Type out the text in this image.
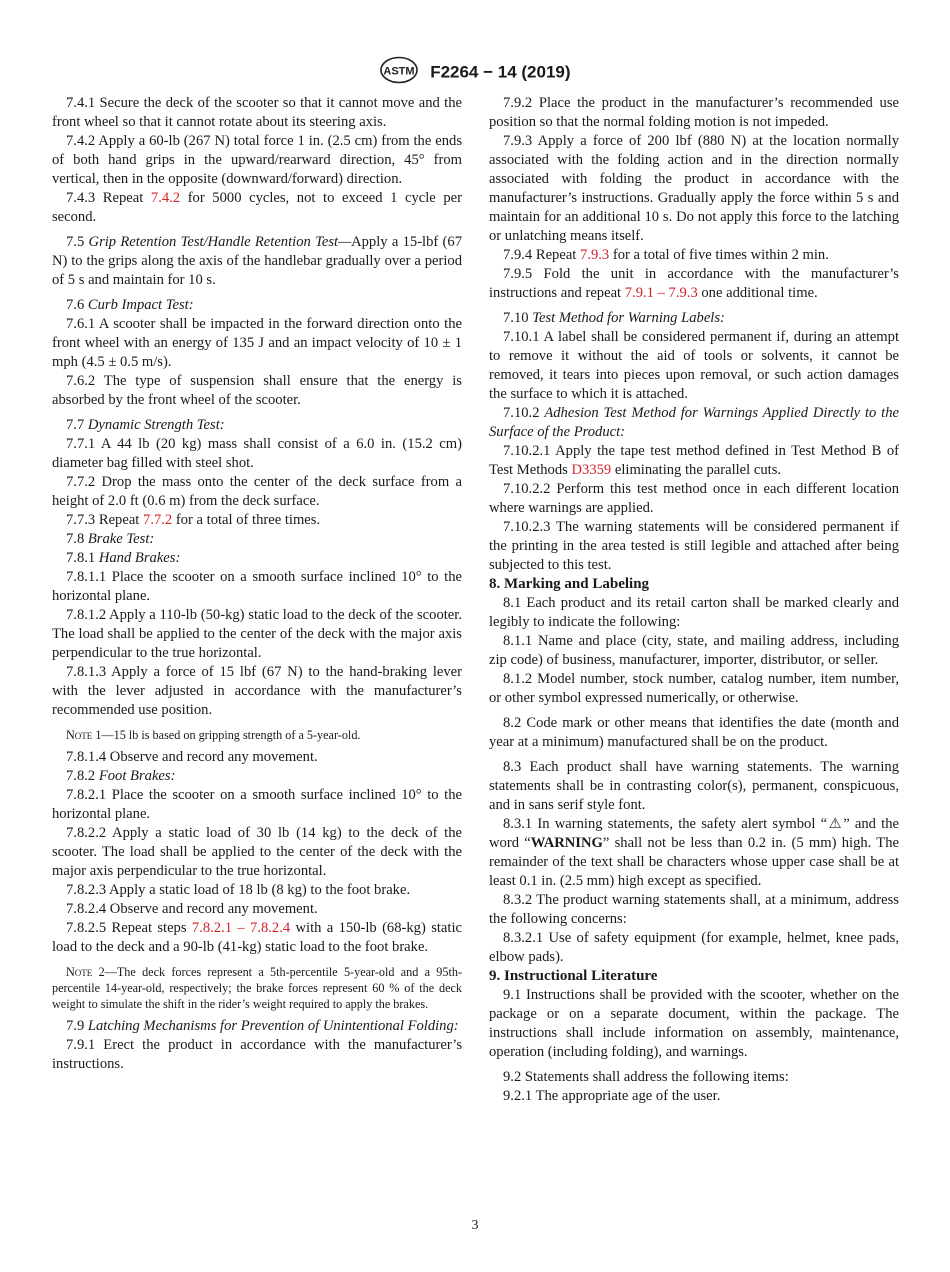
ASTM F2264 − 14 (2019)

7.4.1 Secure the deck of the scooter so that it cannot move and the front wheel so that it cannot rotate about its steering axis.

7.4.2 Apply a 60-lb (267 N) total force 1 in. (2.5 cm) from the ends of both hand grips in the upward/rearward direction, 45° from vertical, then in the opposite (downward/forward) direction.

7.4.3 Repeat 7.4.2 for 5000 cycles, not to exceed 1 cycle per second.

7.5 Grip Retention Test/Handle Retention Test—Apply a 15-lbf (67 N) to the grips along the axis of the handlebar gradually over a period of 5 s and maintain for 10 s.

7.6 Curb Impact Test:

7.6.1 A scooter shall be impacted in the forward direction onto the front wheel with an energy of 135 J and an impact velocity of 10 ± 1 mph (4.5 ± 0.5 m/s).

7.6.2 The type of suspension shall ensure that the energy is absorbed by the front wheel of the scooter.

7.7 Dynamic Strength Test:

7.7.1 A 44 lb (20 kg) mass shall consist of a 6.0 in. (15.2 cm) diameter bag filled with steel shot.

7.7.2 Drop the mass onto the center of the deck surface from a height of 2.0 ft (0.6 m) from the deck surface.

7.7.3 Repeat 7.7.2 for a total of three times.

7.8 Brake Test:

7.8.1 Hand Brakes:

7.8.1.1 Place the scooter on a smooth surface inclined 10° to the horizontal plane.

7.8.1.2 Apply a 110-lb (50-kg) static load to the deck of the scooter. The load shall be applied to the center of the deck with the major axis perpendicular to the true horizontal.

7.8.1.3 Apply a force of 15 lbf (67 N) to the hand-braking lever with the lever adjusted in accordance with the manufacturer’s recommended use position.

Note 1—15 lb is based on gripping strength of a 5-year-old.

7.8.1.4 Observe and record any movement.

7.8.2 Foot Brakes:

7.8.2.1 Place the scooter on a smooth surface inclined 10° to the horizontal plane.

7.8.2.2 Apply a static load of 30 lb (14 kg) to the deck of the scooter. The load shall be applied to the center of the deck with the major axis perpendicular to the true horizontal.

7.8.2.3 Apply a static load of 18 lb (8 kg) to the foot brake.

7.8.2.4 Observe and record any movement.

7.8.2.5 Repeat steps 7.8.2.1 – 7.8.2.4 with a 150-lb (68-kg) static load to the deck and a 90-lb (41-kg) static load to the foot brake.

Note 2—The deck forces represent a 5th-percentile 5-year-old and a 95th-percentile 14-year-old, respectively; the brake forces represent 60 % of the deck weight to simulate the shift in the rider’s weight required to apply the brakes.

7.9 Latching Mechanisms for Prevention of Unintentional Folding:

7.9.1 Erect the product in accordance with the manufacturer’s instructions.

7.9.2 Place the product in the manufacturer’s recommended use position so that the normal folding motion is not impeded.

7.9.3 Apply a force of 200 lbf (880 N) at the location normally associated with the folding action and in the direction normally associated with folding the product in accordance with the manufacturer’s instructions. Gradually apply the force within 5 s and maintain for an additional 10 s. Do not apply this force to the latching or unlatching means itself.

7.9.4 Repeat 7.9.3 for a total of five times within 2 min.

7.9.5 Fold the unit in accordance with the manufacturer’s instructions and repeat 7.9.1 – 7.9.3 one additional time.

7.10 Test Method for Warning Labels:

7.10.1 A label shall be considered permanent if, during an attempt to remove it without the aid of tools or solvents, it cannot be removed, it tears into pieces upon removal, or such action damages the surface to which it is attached.

7.10.2 Adhesion Test Method for Warnings Applied Directly to the Surface of the Product:

7.10.2.1 Apply the tape test method defined in Test Method B of Test Methods D3359 eliminating the parallel cuts.

7.10.2.2 Perform this test method once in each different location where warnings are applied.

7.10.2.3 The warning statements will be considered permanent if the printing in the area tested is still legible and attached after being subjected to this test.

8. Marking and Labeling

8.1 Each product and its retail carton shall be marked clearly and legibly to indicate the following:

8.1.1 Name and place (city, state, and mailing address, including zip code) of business, manufacturer, importer, distributor, or seller.

8.1.2 Model number, stock number, catalog number, item number, or other symbol expressed numerically, or otherwise.

8.2 Code mark or other means that identifies the date (month and year at a minimum) manufactured shall be on the product.

8.3 Each product shall have warning statements. The warning statements shall be in contrasting color(s), permanent, conspicuous, and in sans serif style font.

8.3.1 In warning statements, the safety alert symbol “⚠” and the word “WARNING” shall not be less than 0.2 in. (5 mm) high. The remainder of the text shall be characters whose upper case shall be at least 0.1 in. (2.5 mm) high except as specified.

8.3.2 The product warning statements shall, at a minimum, address the following concerns:

8.3.2.1 Use of safety equipment (for example, helmet, knee pads, elbow pads).

9. Instructional Literature

9.1 Instructions shall be provided with the scooter, whether on the package or on a separate document, within the package. The instructions shall include information on assembly, maintenance, operation (including folding), and warnings.

9.2 Statements shall address the following items:

9.2.1 The appropriate age of the user.

3
